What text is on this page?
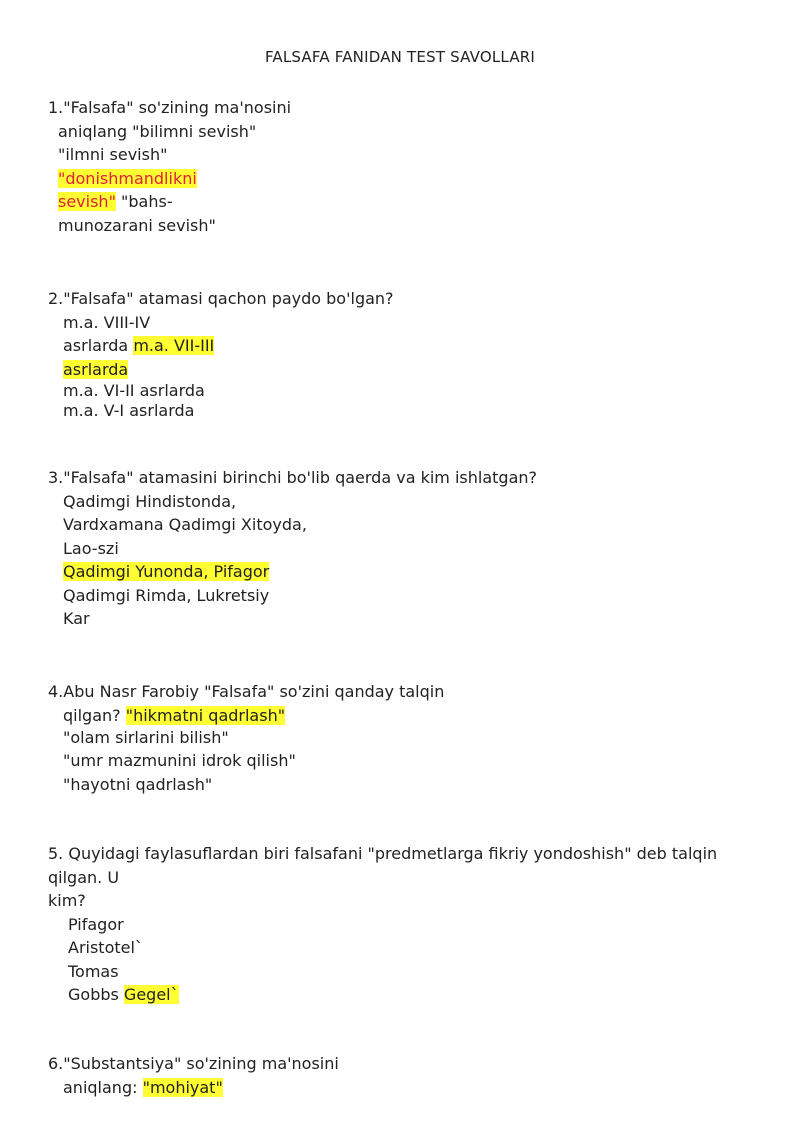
FALSAFA FANIDAN TEST SAVOLLARI
1."Falsafa" so'zining ma'nosini
aniqlang "bilimni sevish"
"ilmni sevish"
"donishmandlikni
sevish" "bahs-
munozarani sevish"
2."Falsafa" atamasi qachon paydo bo'lgan?
m.a. VIII-IV
asrlarda m.a. VII-III
asrlarda
m.a. VI-II asrlarda
m.a. V-I asrlarda
3."Falsafa" atamasini birinchi bo'lib qaerda va kim ishlatgan?
Qadimgi Hindistonda,
Vardxamana Qadimgi Xitoyda,
Lao-szi
Qadimgi Yunonda, Pifagor
Qadimgi Rimda, Lukretsiy
Kar
4.Abu Nasr Farobiy "Falsafa" so'zini qanday talqin
qilgan? "hikmatni qadrlash"
"olam sirlarini bilish"
"umr mazmunini idrok qilish"
"hayotni qadrlash"
5. Quyidagi faylasuflardan biri falsafani "predmetlarga fikriy yondoshish" deb talqin
qilgan. U
kim?
Pifagor
Aristotel`
Tomas
Gobbs Gegel`
6."Substantsiya" so'zining ma'nosini
aniqlang: "mohiyat"
